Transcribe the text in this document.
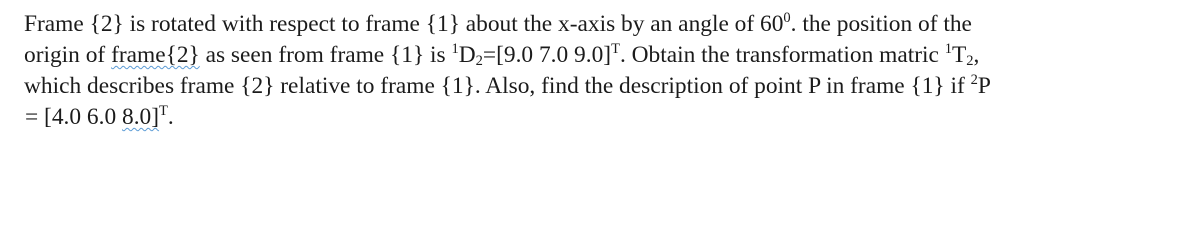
Frame {2} is rotated with respect to frame {1} about the x-axis by an angle of $60^0$. the position of the
origin of frame{2} as seen from frame {1} is $^1D_2=[9.0$ 7.0 9.0]$^T$. Obtain the transformation matric $^1T_2$,
which describes frame {2} relative to frame {1}. Also, find the description of point P in frame {1} if $^2$P
= [4.0 6.0 8.0]$^T$.
